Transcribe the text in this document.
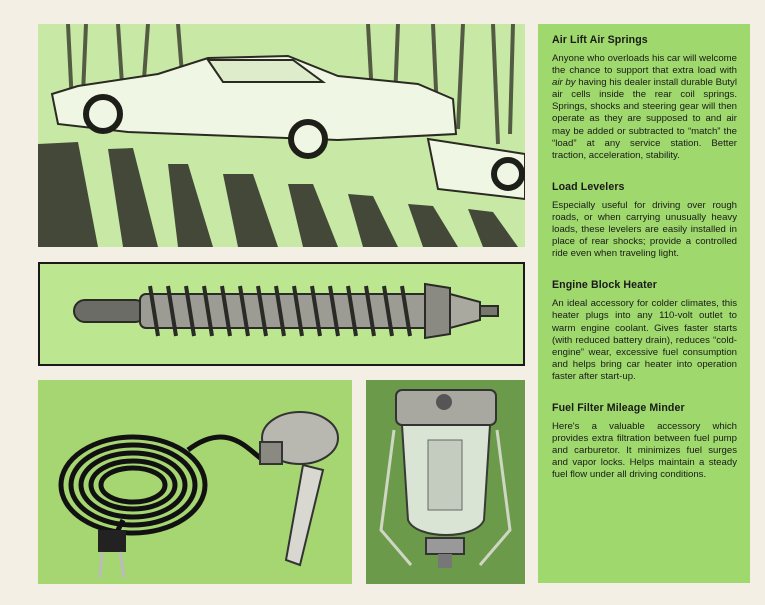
Air Lift Air Springs

Anyone who overloads his car will welcome the chance to support that extra load with air by having his dealer install durable Butyl air cells inside the rear coil springs. Springs, shocks and steering gear will then operate as they are supposed to and air may be added or subtracted to “match” the “load” at any service station. Better traction, acceleration, stability.

Load Levelers

Especially useful for driving over rough roads, or when carrying unusually heavy loads, these levelers are easily installed in place of rear shocks; provide a controlled ride even when traveling light.

Engine Block Heater

An ideal accessory for colder climates, this heater plugs into any 110-volt outlet to warm engine coolant. Gives faster starts (with reduced battery drain), reduces “cold-engine” wear, excessive fuel consumption and helps bring car heater into operation faster after start-up.

Fuel Filter Mileage Minder

Here's a valuable accessory which provides extra filtration between fuel pump and carburetor. It minimizes fuel surges and vapor locks. Helps maintain a steady fuel flow under all driving conditions.
